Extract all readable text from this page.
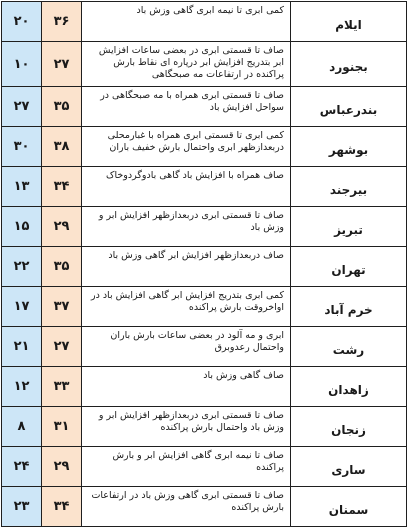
۲۰	۳۶	کمی ابری تا نیمه ابری گاهی وزش باد	ایلام
۱۰	۲۷	صاف تا قسمتی ابری در بعضی ساعات افزایش ابر بتدریج افزایش ابر درپاره ای نقاط بارش پراکنده در ارتفاعات مه صبحگاهی	بجنورد
۲۷	۳۵	صاف تا قسمتی ابری همراه با مه صبحگاهی در سواحل افزایش باد	بندرعباس
۳۰	۳۸	کمی ابری تا قسمتی ابری همراه با غبارمحلی دربعدازظهر ابری واحتمال بارش خفیف باران	بوشهر
۱۳	۳۴	صاف همراه با افزایش باد گاهی بادوگردوخاک	بیرجند
۱۵	۲۹	صاف تا قسمتی ابری دربعدازظهر افزایش ابر و وزش باد	تبریز
۲۲	۳۵	صاف دربعدازظهر افزایش ابر گاهی وزش باد	تهران
۱۷	۳۷	کمی ابری بتدریج افزایش ابر گاهی افزایش باد در اواخروقت بارش پراکنده	خرم آباد
۲۱	۲۷	ابری و مه آلود در بعضی ساعات بارش باران واحتمال رعدوبرق	رشت
۱۲	۳۳	صاف گاهی وزش باد	زاهدان
۸	۳۱	صاف تا قسمتی ابری دربعدازظهر افزایش ابر و وزش باد واحتمال بارش پراکنده	زنجان
۲۴	۲۹	صاف تا نیمه ابری گاهی افزایش ابر و بارش پراکنده	ساری
۲۳	۳۴	صاف تا قسمتی ابری گاهی وزش باد در ارتفاعات بارش پراکنده	سمنان
